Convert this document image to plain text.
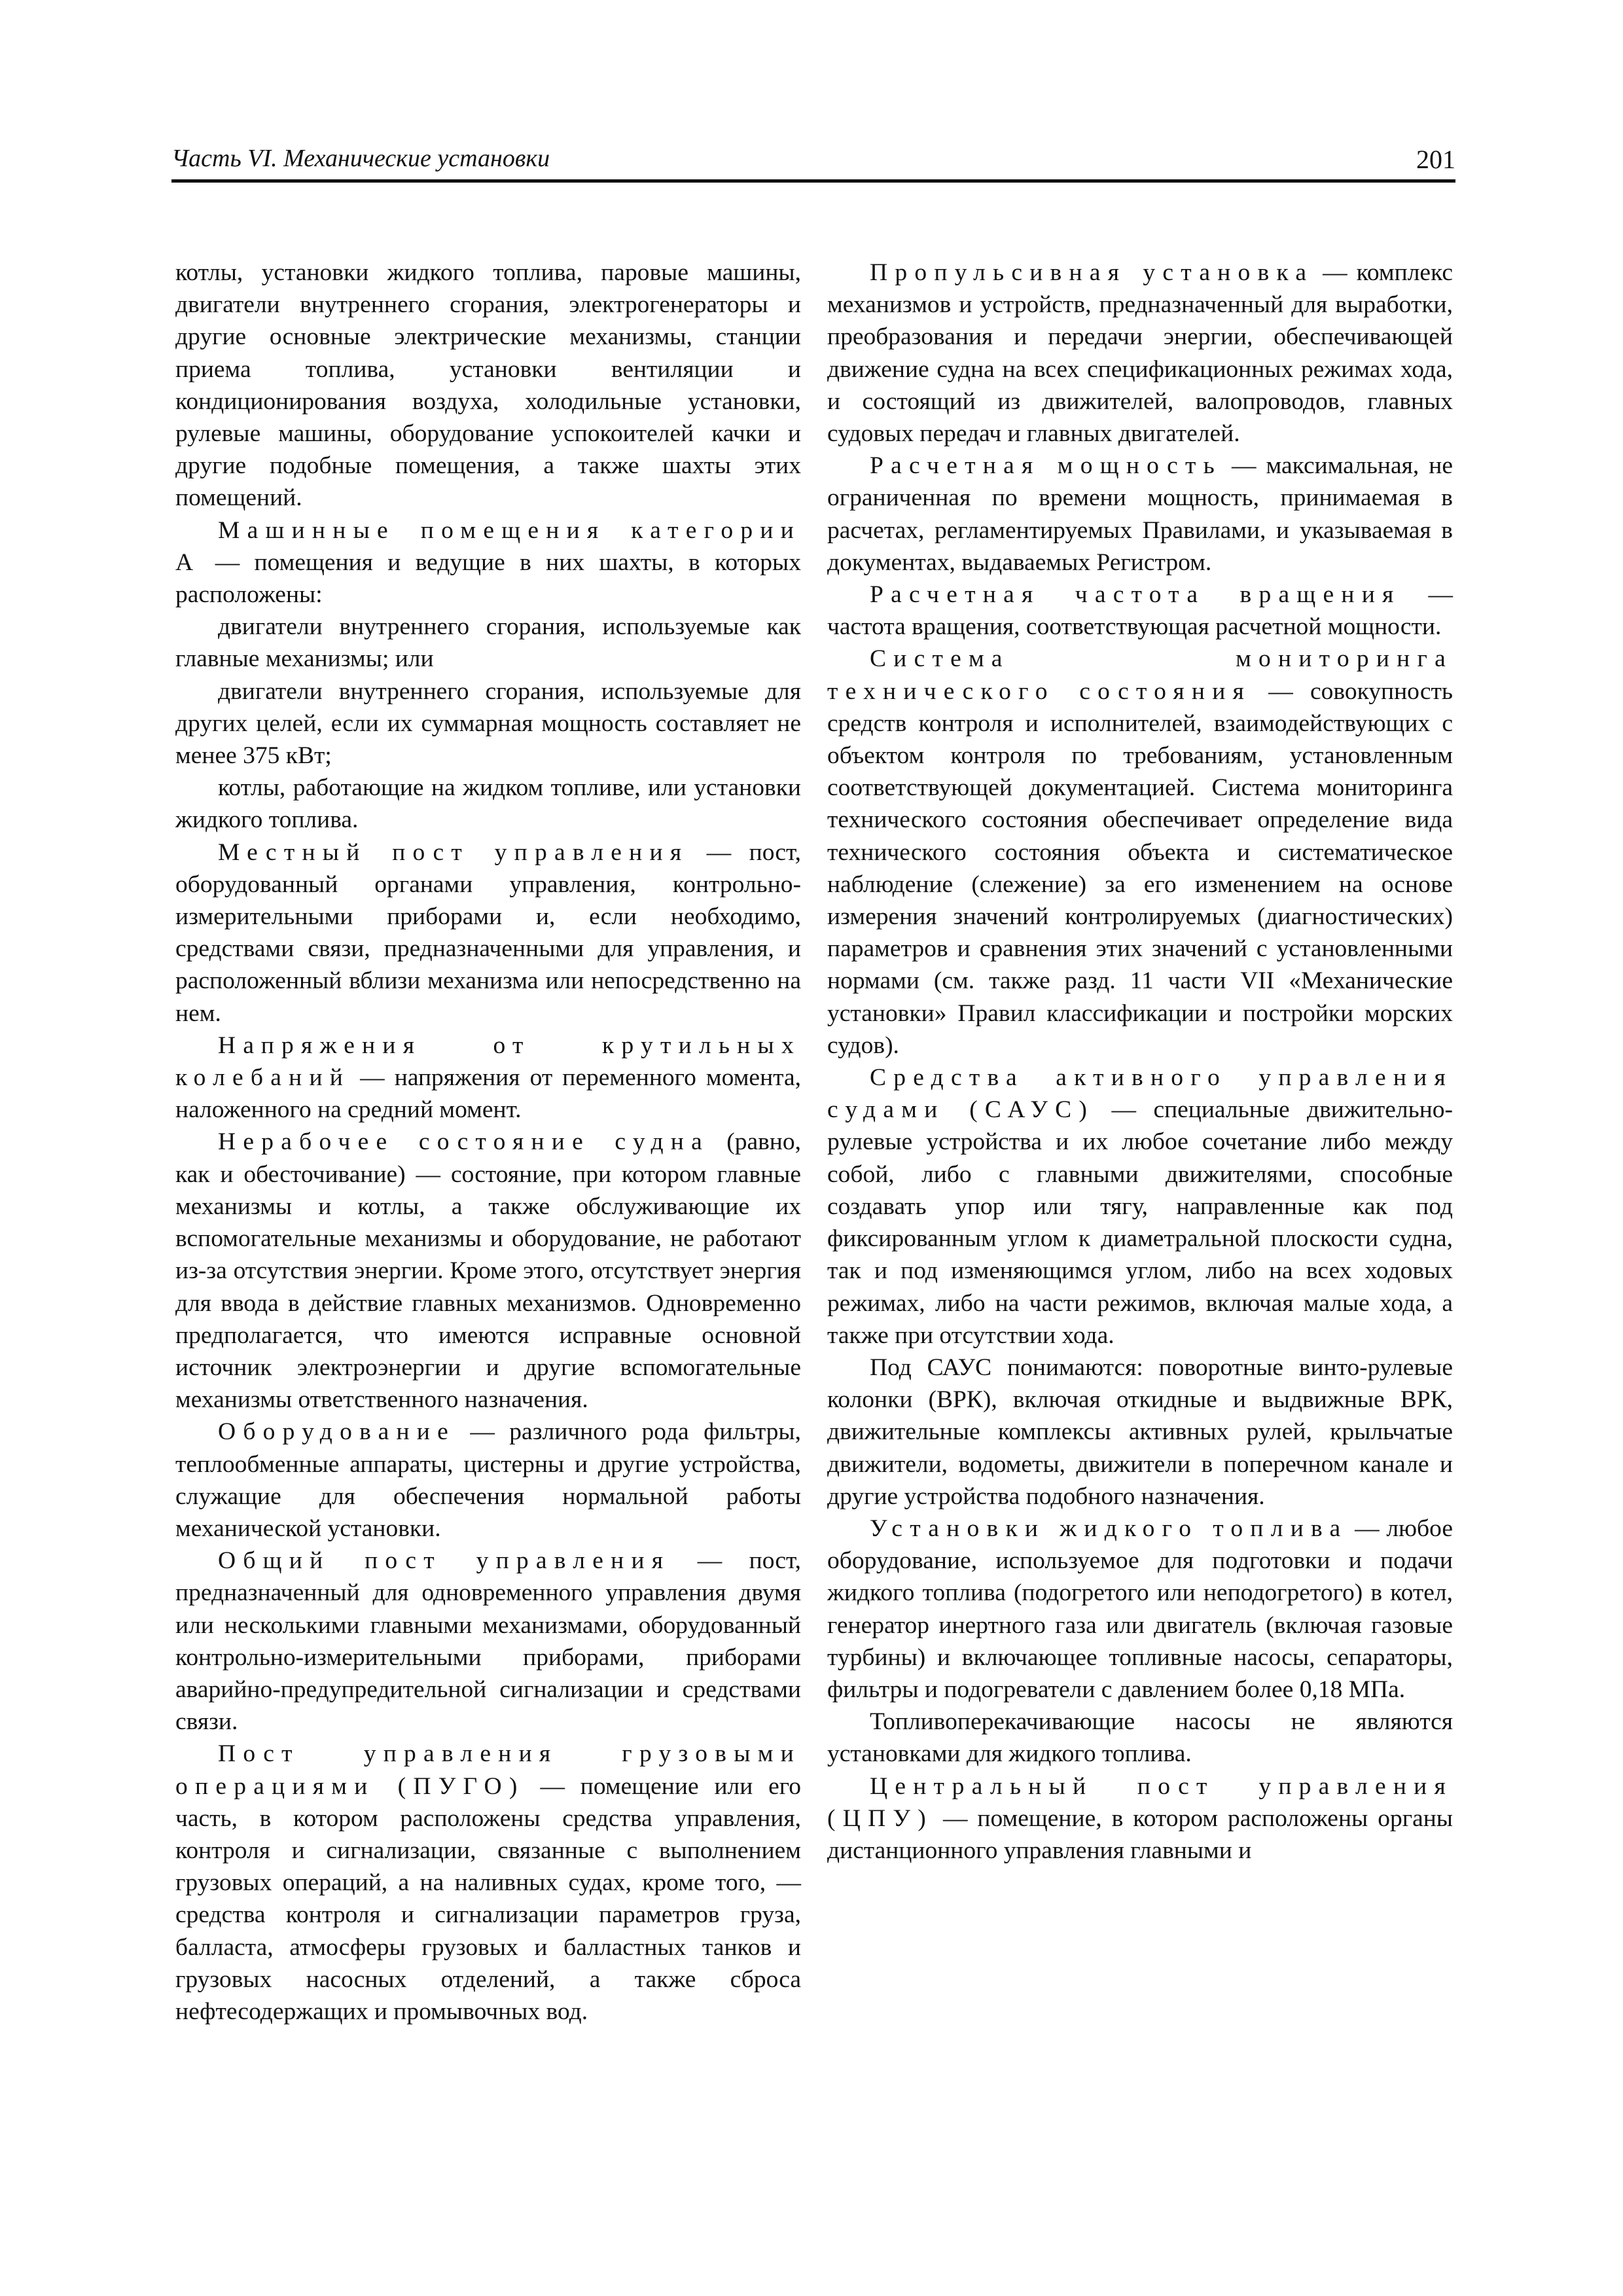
Часть VI. Механические установки	201

котлы, установки жидкого топлива, паровые машины, двигатели внутреннего сгорания, электрогенераторы и другие основные электрические механизмы, станции приема топлива, установки вентиляции и кондиционирования воздуха, холодильные установки, рулевые машины, оборудование успокоителей качки и другие подобные помещения, а также шахты этих помещений.

Машинные помещения категории А — помещения и ведущие в них шахты, в которых расположены:

двигатели внутреннего сгорания, используемые как главные механизмы; или

двигатели внутреннего сгорания, используемые для других целей, если их суммарная мощность составляет не менее 375 кВт;

котлы, работающие на жидком топливе, или установки жидкого топлива.

Местный пост управления — пост, оборудованный органами управления, контрольно-измерительными приборами и, если необходимо, средствами связи, предназначенными для управления, и расположенный вблизи механизма или непосредственно на нем.

Напряжения от крутильных колебаний — напряжения от переменного момента, наложенного на средний момент.

Нерабочее состояние судна (равно, как и обесточивание) — состояние, при котором главные механизмы и котлы, а также обслуживающие их вспомогательные механизмы и оборудование, не работают из-за отсутствия энергии. Кроме этого, отсутствует энергия для ввода в действие главных механизмов. Одновременно предполагается, что имеются исправные основной источник электроэнергии и другие вспомогательные механизмы ответственного назначения.

Оборудование — различного рода фильтры, теплообменные аппараты, цистерны и другие устройства, служащие для обеспечения нормальной работы механической установки.

Общий пост управления — пост, предназначенный для одновременного управления двумя или несколькими главными механизмами, оборудованный контрольно-измерительными приборами, приборами аварийно-предупредительной сигнализации и средствами связи.

Пост управления грузовыми операциями (ПУГО) — помещение или его часть, в котором расположены средства управления, контроля и сигнализации, связанные с выполнением грузовых операций, а на наливных судах, кроме того, — средства контроля и сигнализации параметров груза, балласта, атмосферы грузовых и балластных танков и грузовых насосных отделений, а также сброса нефтесодержащих и промывочных вод.

Пропульсивная установка — комплекс механизмов и устройств, предназначенный для выработки, преобразования и передачи энергии, обеспечивающей движение судна на всех спецификационных режимах хода, и состоящий из движителей, валопроводов, главных судовых передач и главных двигателей.

Расчетная мощность — максимальная, не ограниченная по времени мощность, принимаемая в расчетах, регламентируемых Правилами, и указываемая в документах, выдаваемых Регистром.

Расчетная частота вращения — частота вращения, соответствующая расчетной мощности.

Система мониторинга технического состояния — совокупность средств контроля и исполнителей, взаимодействующих с объектом контроля по требованиям, установленным соответствующей документацией. Система мониторинга технического состояния обеспечивает определение вида технического состояния объекта и систематическое наблюдение (слежение) за его изменением на основе измерения значений контролируемых (диагностических) параметров и сравнения этих значений с установленными нормами (см. также разд. 11 части VII «Механические установки» Правил классификации и постройки морских судов).

Средства активного управления судами (САУС) — специальные движительно-рулевые устройства и их любое сочетание либо между собой, либо с главными движителями, способные создавать упор или тягу, направленные как под фиксированным углом к диаметральной плоскости судна, так и под изменяющимся углом, либо на всех ходовых режимах, либо на части режимов, включая малые хода, а также при отсутствии хода.

Под САУС понимаются: поворотные винто-рулевые колонки (ВРК), включая откидные и выдвижные ВРК, движительные комплексы активных рулей, крыльчатые движители, водометы, движители в поперечном канале и другие устройства подобного назначения.

Установки жидкого топлива — любое оборудование, используемое для подготовки и подачи жидкого топлива (подогретого или неподогретого) в котел, генератор инертного газа или двигатель (включая газовые турбины) и включающее топливные насосы, сепараторы, фильтры и подогреватели с давлением более 0,18 МПа.

Топливоперекачивающие насосы не являются установками для жидкого топлива.

Центральный пост управления (ЦПУ) — помещение, в котором расположены органы дистанционного управления главными и
